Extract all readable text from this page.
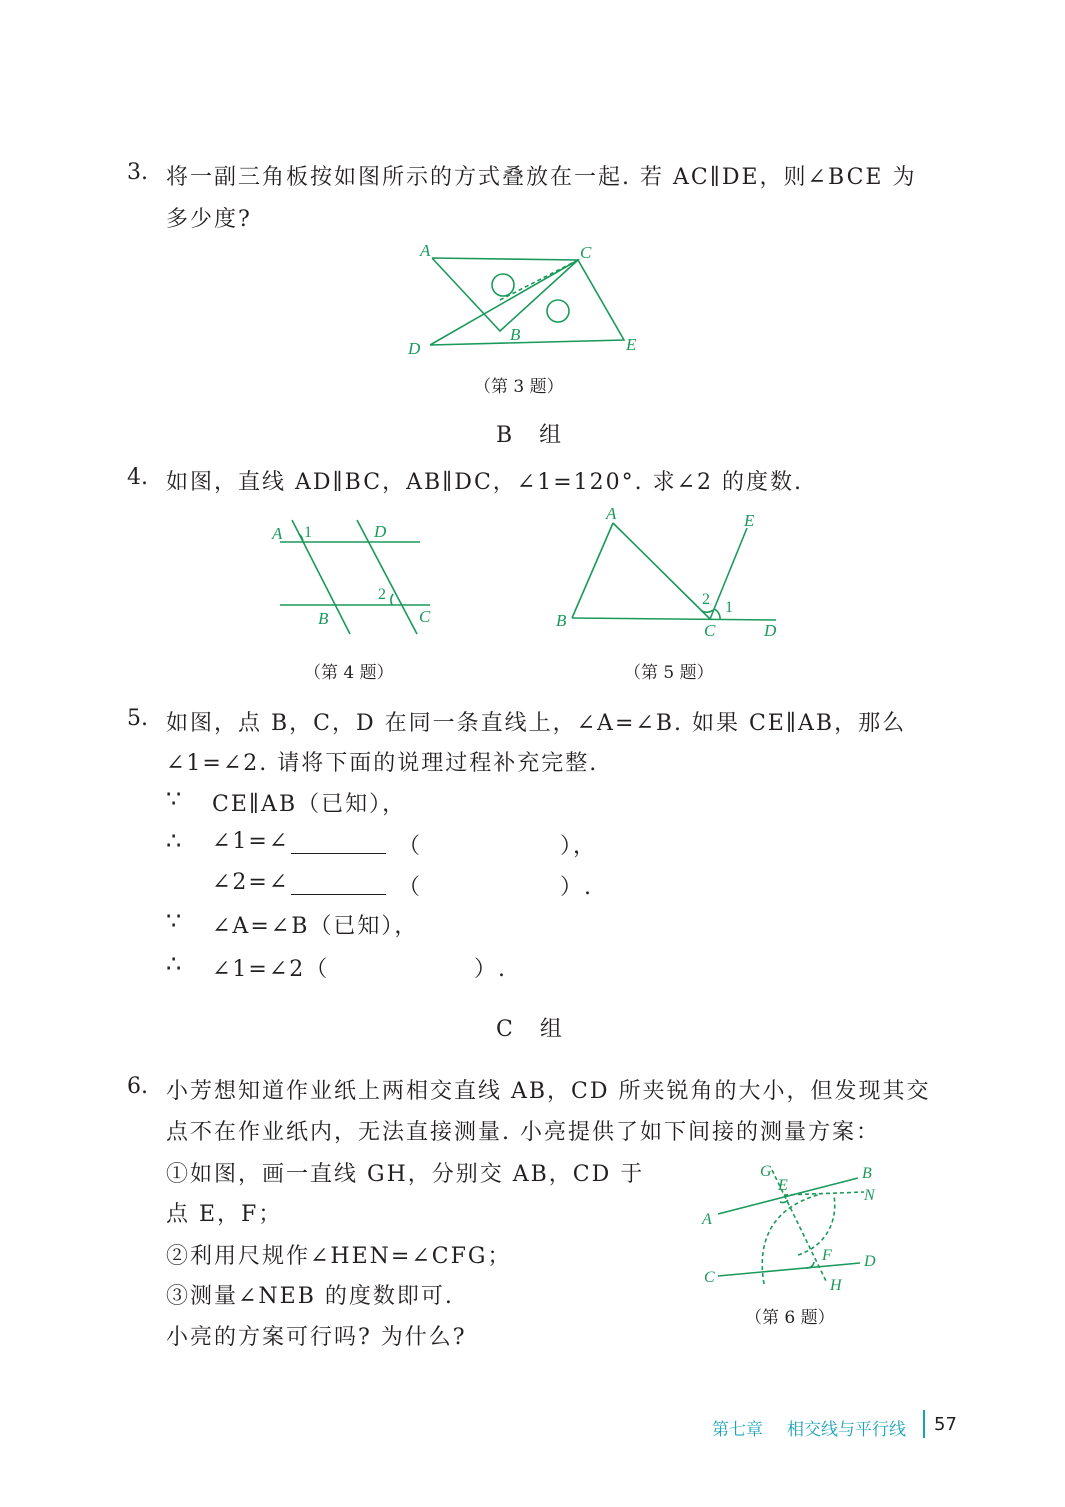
3. 将一副三角板按如图所示的方式叠放在一起. 若 AC∥DE，则∠BCE 为
多少度?
A	C
B
D	E
（第 3 题）
B 组
4. 如图，直线 AD∥BC，AB∥DC，∠1=120°. 求∠2 的度数.
A 1	D
2
B	C
（第 4 题）
A	E
2 1
B
C	D
（第 5 题）
5. 如图，点 B，C，D 在同一条直线上，∠A=∠B. 如果 CE∥AB，那么
∠1=∠2. 请将下面的说理过程补充完整.
∵ CE∥AB（已知），
∴ ∠1=∠	（	），
∠2=∠	（	）.
∵ ∠A=∠B（已知），
∴ ∠1=∠2（	）.
C 组
6. 小芳想知道作业纸上两相交直线 AB，CD 所夹锐角的大小，但发现其交
点不在作业纸内，无法直接测量. 小亮提供了如下间接的测量方案：
①如图，画一直线 GH，分别交 AB，CD 于
点 E，F；
②利用尺规作∠HEN=∠CFG；
③测量∠NEB 的度数即可.
小亮的方案可行吗? 为什么?
G	B
E
N
A
F D
C	H
（第 6 题）
第七章 相交线与平行线 57
